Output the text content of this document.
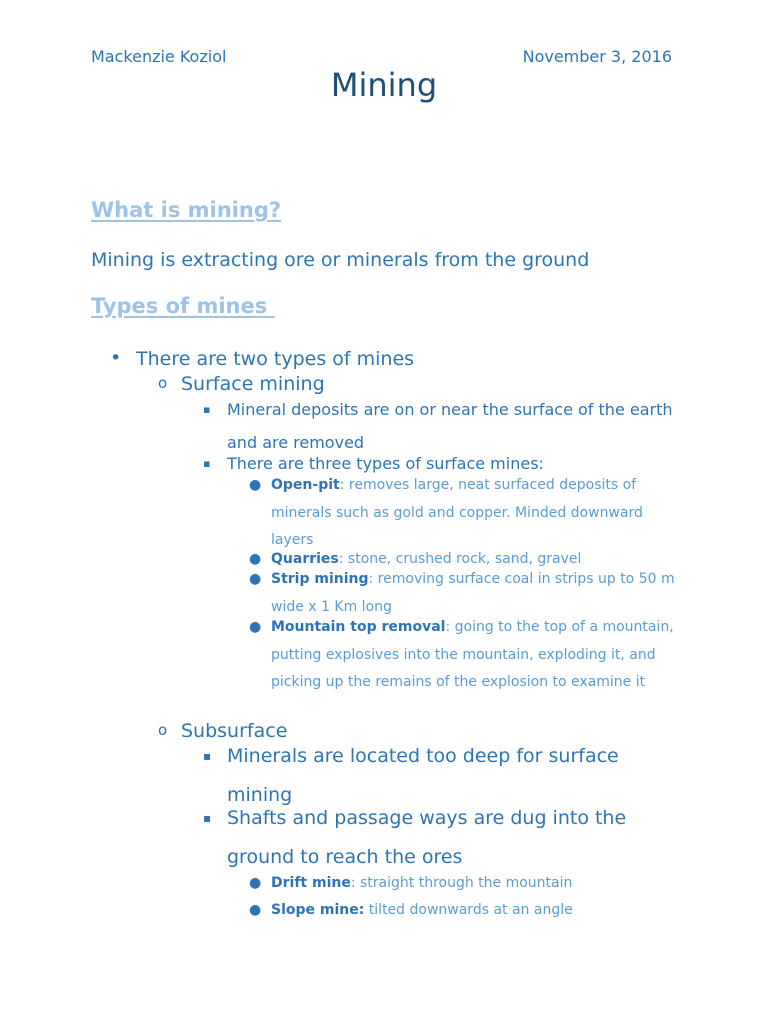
Mackenzie Koziol	November 3, 2016
Mining
What is mining?
Mining is extracting ore or minerals from the ground
Types of mines
• There are two types of mines
o Surface mining
▪ Mineral deposits are on or near the surface of the earth and are removed
▪ There are three types of surface mines:
● Open-pit: removes large, neat surfaced deposits of minerals such as gold and copper. Minded downward layers
● Quarries: stone, crushed rock, sand, gravel
● Strip mining: removing surface coal in strips up to 50 m wide x 1 Km long
● Mountain top removal: going to the top of a mountain, putting explosives into the mountain, exploding it, and picking up the remains of the explosion to examine it
o Subsurface
▪ Minerals are located too deep for surface mining
▪ Shafts and passage ways are dug into the ground to reach the ores
● Drift mine: straight through the mountain
● Slope mine: tilted downwards at an angle
